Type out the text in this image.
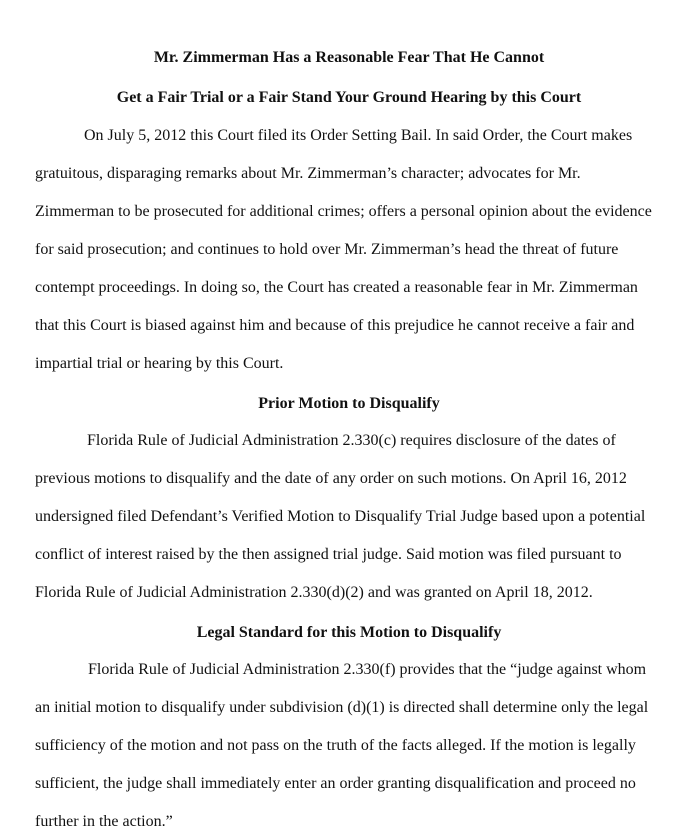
Mr. Zimmerman Has a Reasonable Fear That He Cannot
Get a Fair Trial or a Fair Stand Your Ground Hearing by this Court
On July 5, 2012 this Court filed its Order Setting Bail. In said Order, the Court makes
gratuitous, disparaging remarks about Mr. Zimmerman’s character; advocates for Mr.
Zimmerman to be prosecuted for additional crimes; offers a personal opinion about the evidence
for said prosecution; and continues to hold over Mr. Zimmerman’s head the threat of future
contempt proceedings. In doing so, the Court has created a reasonable fear in Mr. Zimmerman
that this Court is biased against him and because of this prejudice he cannot receive a fair and
impartial trial or hearing by this Court.
Prior Motion to Disqualify
Florida Rule of Judicial Administration 2.330(c) requires disclosure of the dates of
previous motions to disqualify and the date of any order on such motions. On April 16, 2012
undersigned filed Defendant’s Verified Motion to Disqualify Trial Judge based upon a potential
conflict of interest raised by the then assigned trial judge. Said motion was filed pursuant to
Florida Rule of Judicial Administration 2.330(d)(2) and was granted on April 18, 2012.
Legal Standard for this Motion to Disqualify
Florida Rule of Judicial Administration 2.330(f) provides that the “judge against whom
an initial motion to disqualify under subdivision (d)(1) is directed shall determine only the legal
sufficiency of the motion and not pass on the truth of the facts alleged. If the motion is legally
sufficient, the judge shall immediately enter an order granting disqualification and proceed no
further in the action.”
